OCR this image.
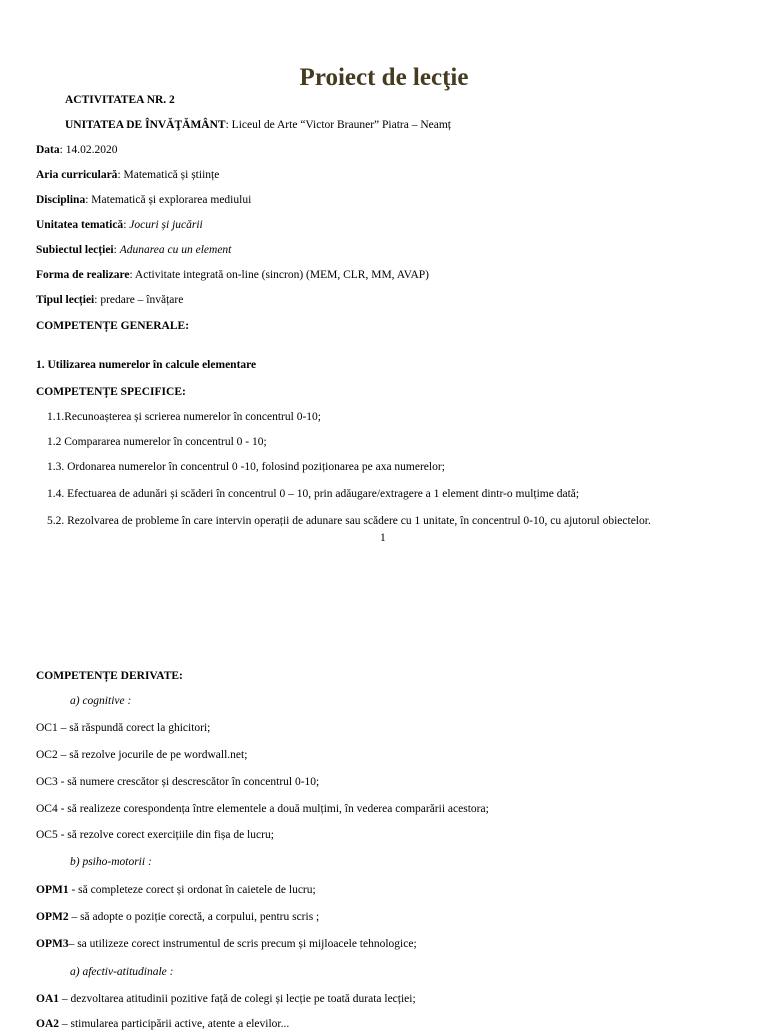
Proiect de lecţie
ACTIVITATEA NR. 2
UNITATEA DE ÎNVĂŢĂMÂNT: Liceul de Arte “Victor Brauner” Piatra – Neamț
Data: 14.02.2020
Aria curriculară: Matematică și științe
Disciplina: Matematică și explorarea mediului
Unitatea tematică: Jocuri și jucării
Subiectul lecției: Adunarea cu un element
Forma de realizare: Activitate integrată on-line (sincron) (MEM, CLR, MM, AVAP)
Tipul lecției: predare – învățare
COMPETENȚE GENERALE:
1. Utilizarea numerelor în calcule elementare
COMPETENȚE SPECIFICE:
1.1.Recunoașterea și scrierea numerelor în concentrul 0-10;
1.2 Compararea numerelor în concentrul 0 - 10;
1.3. Ordonarea numerelor în concentrul 0 -10, folosind poziționarea pe axa numerelor;
1.4. Efectuarea de adunări și scăderi în concentrul 0 – 10, prin adăugare/extragere a 1 element dintr-o mulțime dată;
5.2. Rezolvarea de probleme în care intervin operații de adunare sau scădere cu 1 unitate, în concentrul 0-10, cu ajutorul obiectelor.
1
COMPETENȚE DERIVATE:
a) cognitive :
OC1 – să răspundă corect la ghicitori;
OC2 – să rezolve jocurile de pe wordwall.net;
OC3 - să numere crescător și descrescător în concentrul 0-10;
OC4 - să realizeze corespondența între elementele a două mulțimi, în vederea comparării acestora;
OC5 - să rezolve corect exercițiile din fișa de lucru;
b) psiho-motorii :
OPM1 - să completeze corect și ordonat în caietele de lucru;
OPM2 – să adopte o poziție corectă, a corpului, pentru scris ;
OPM3– sa utilizeze corect instrumentul de scris precum și mijloacele tehnologice;
a) afectiv-atitudinale :
OA1 – dezvoltarea atitudinii pozitive față de colegi și lecție pe toată durata lecției;
OA2 – stimularea participării active, atente a elevilor...
